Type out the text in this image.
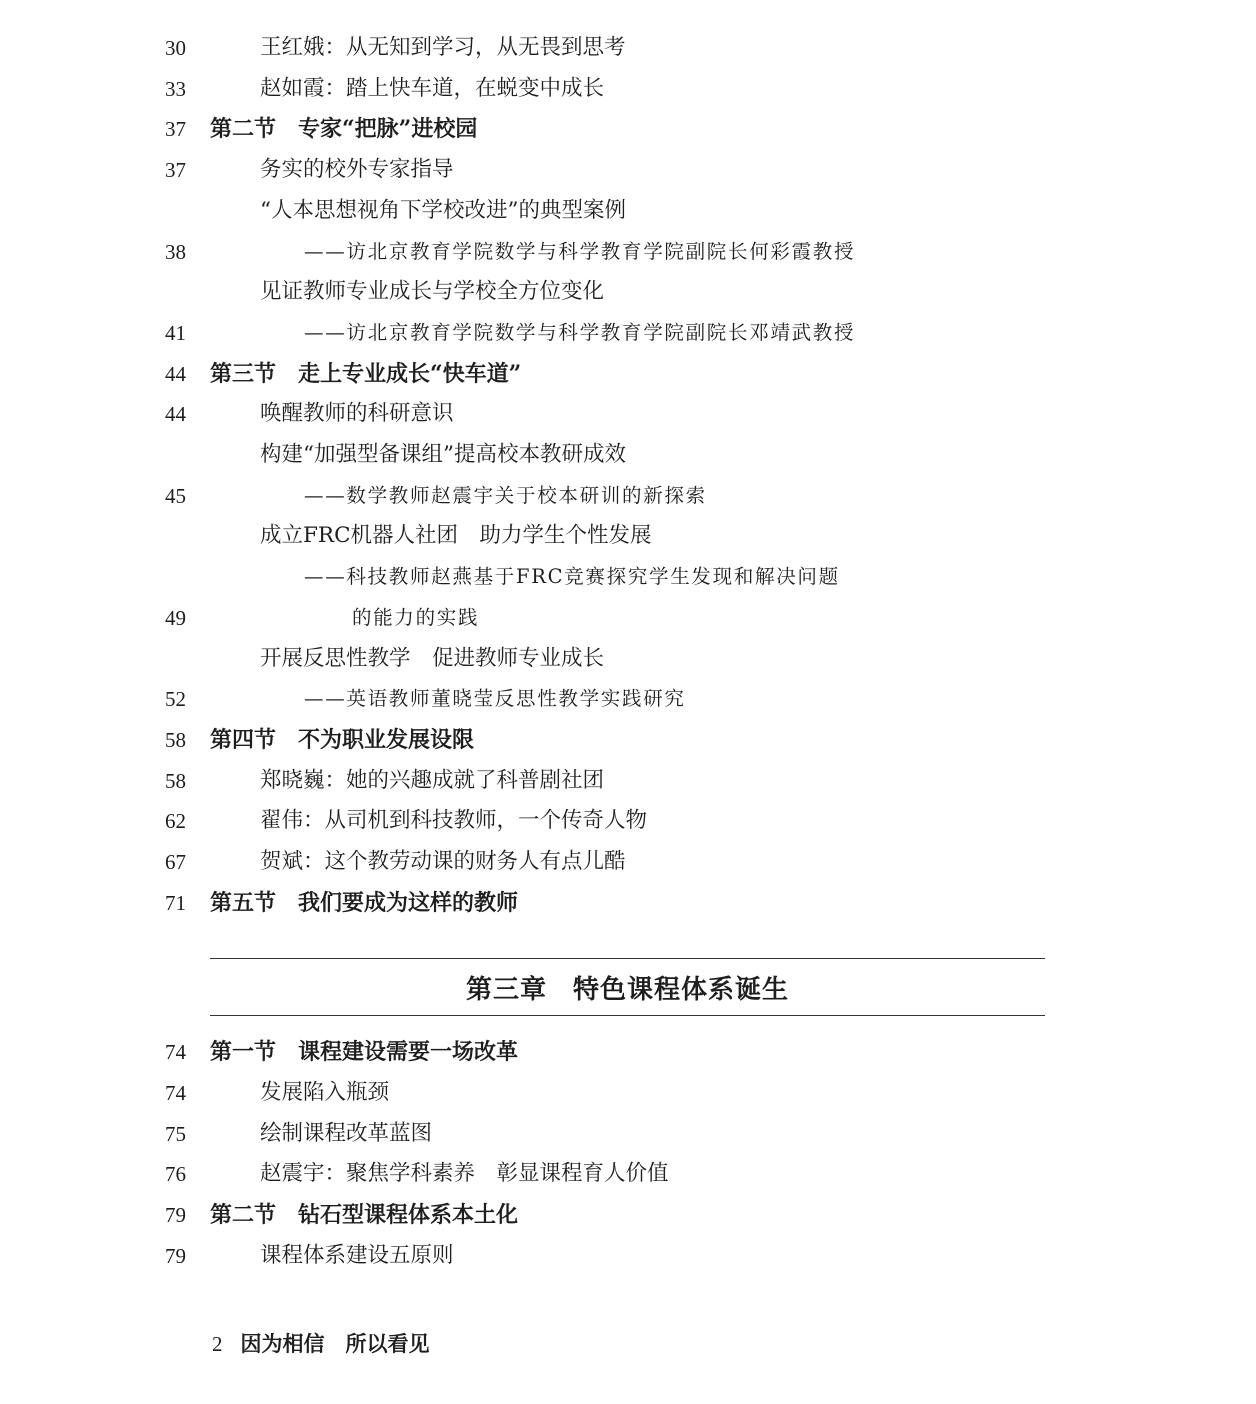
王红娥：从无知到学习，从无畏到思考
30
赵如霞：踏上快车道，在蜕变中成长
33
第二节 专家“把脉”进校园
37
务实的校外专家指导
37
“人本思想视角下学校改进”的典型案例
——访北京教育学院数学与科学教育学院副院长何彩霞教授
38
见证教师专业成长与学校全方位变化
——访北京教育学院数学与科学教育学院副院长邓靖武教授
41
第三节 走上专业成长“快车道”
44
唤醒教师的科研意识
44
构建“加强型备课组”提高校本教研成效
——数学教师赵震宇关于校本研训的新探索
45
成立FRC机器人社团　助力学生个性发展
——科技教师赵燕基于FRC竞赛探究学生发现和解决问题
的能力的实践
49
开展反思性教学　促进教师专业成长
——英语教师董晓莹反思性教学实践研究
52
第四节 不为职业发展设限
58
郑晓巍：她的兴趣成就了科普剧社团
58
翟伟：从司机到科技教师，一个传奇人物
62
贺斌：这个教劳动课的财务人有点儿酷
67
第五节 我们要成为这样的教师
71
第三章 特色课程体系诞生
第一节 课程建设需要一场改革
74
发展陷入瓶颈
74
绘制课程改革蓝图
75
赵震宇：聚焦学科素养　彰显课程育人价值
76
第二节 钻石型课程体系本土化
79
课程体系建设五原则
79
2 因为相信　所以看见
